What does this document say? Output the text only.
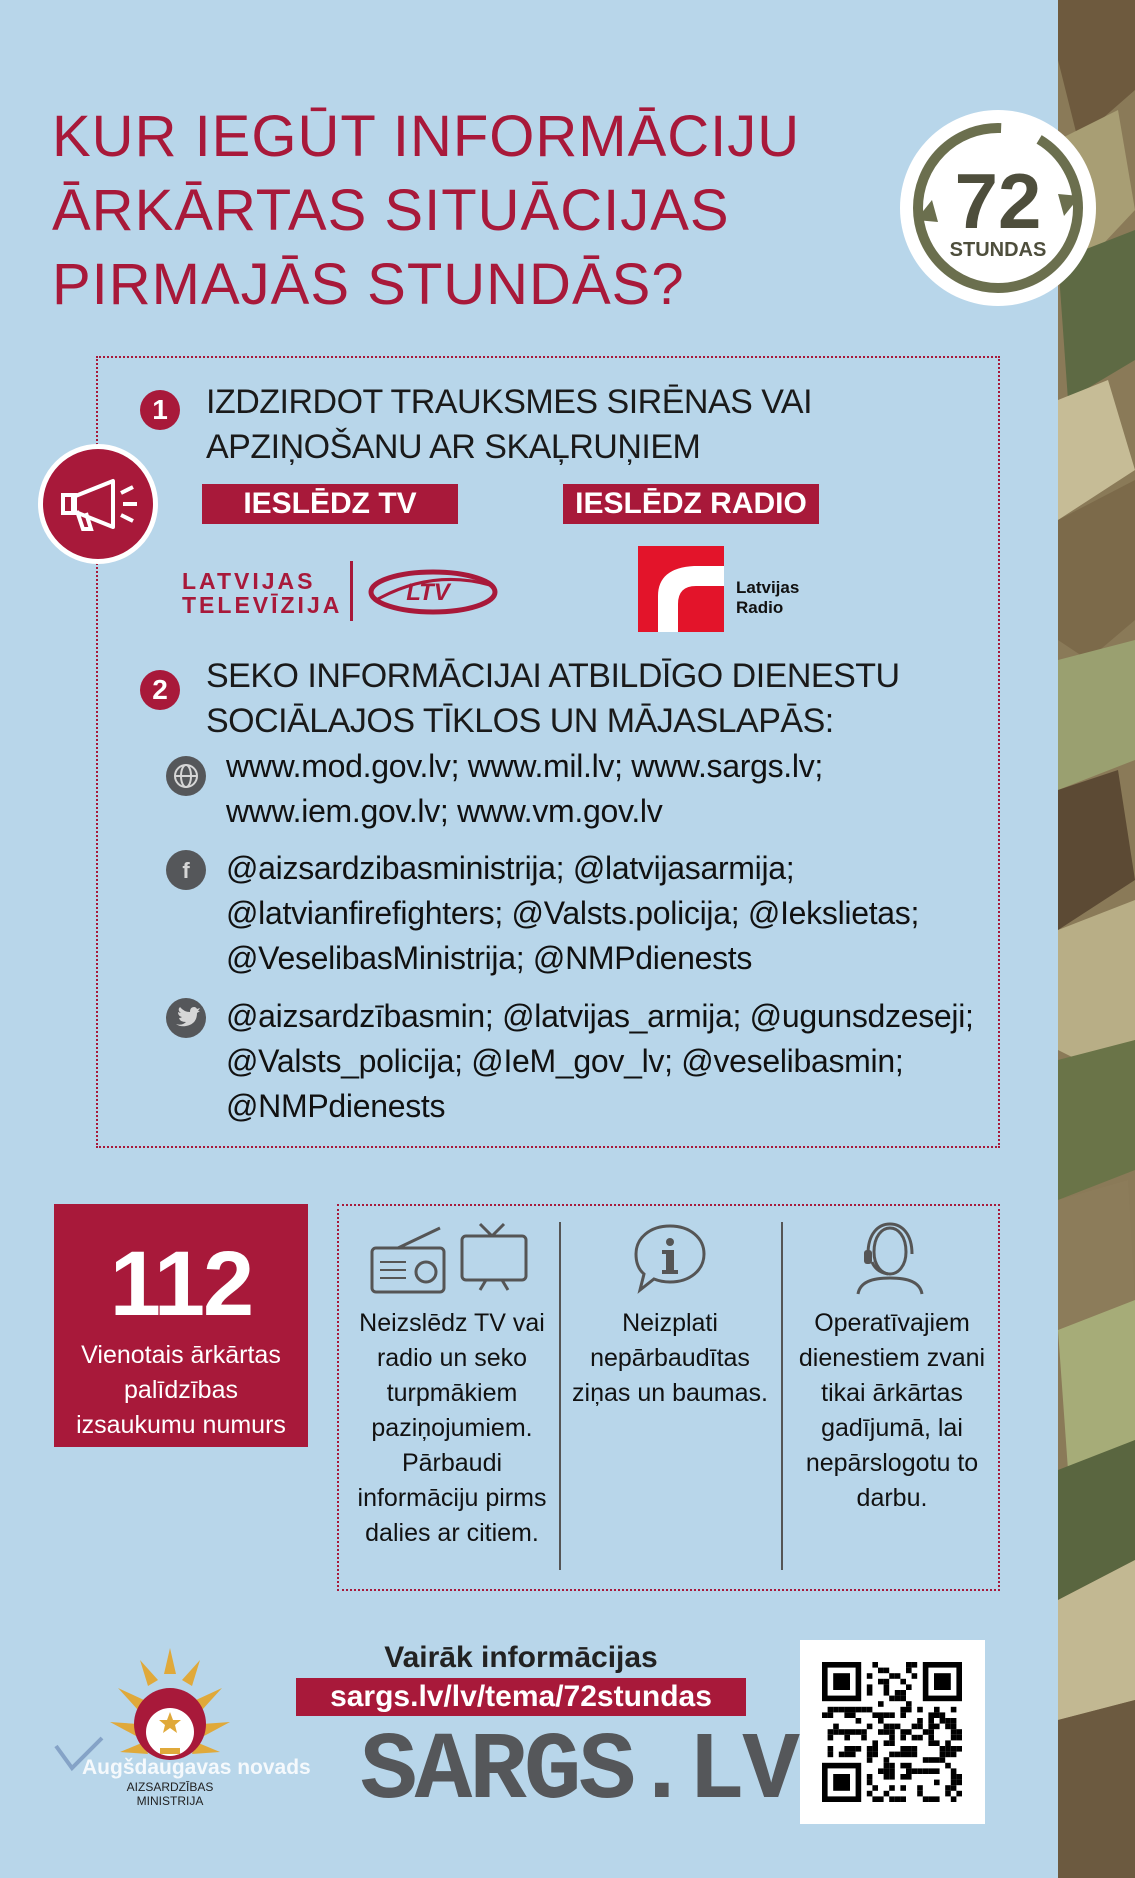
KUR IEGŪT INFORMĀCIJU ĀRKĀRTAS SITUĀCIJAS PIRMAJĀS STUNDĀS?
72
STUNDAS
1	IZDZIRDOT TRAUKSMES SIRĒNAS VAI APZIŅOŠANU AR SKAĻRUŅIEM
IESLĒDZ TV	IESLĒDZ RADIO
LATVIJAS
TELEVĪZIJA	LTV	Latvijas
Radio
2	SEKO INFORMĀCIJAI ATBILDĪGO DIENESTU SOCIĀLAJOS TĪKLOS UN MĀJASLAPĀS:
www.mod.gov.lv; www.mil.lv; www.sargs.lv; www.iem.gov.lv; www.vm.gov.lv
f @aizsardzibasministrija; @latvijasarmija; @latvianfirefighters; @Valsts.policija; @Iekslietas; @VeselibasMinistrija; @NMPdienests
@aizsardzībasmin; @latvijas_armija; @ugunsdzeseji; @Valsts_policija; @IeM_gov_lv; @veselibasmin; @NMPdienests
112
Vienotais ārkārtas palīdzības izsaukumu numurs
Neizslēdz TV vai radio un seko turpmākiem paziņojumiem. Pārbaudi informāciju pirms dalies ar citiem.
Neizplati nepārbaudītas ziņas un baumas.
Operatīvajiem dienestiem zvani tikai ārkārtas gadījumā, lai nepārslogotu to darbu.
AIZSARDZĪBAS
MINISTRIJA
Augšdaugavas novads
Vairāk informācijas
sargs.lv/lv/tema/72stundas
SARGS.LV
